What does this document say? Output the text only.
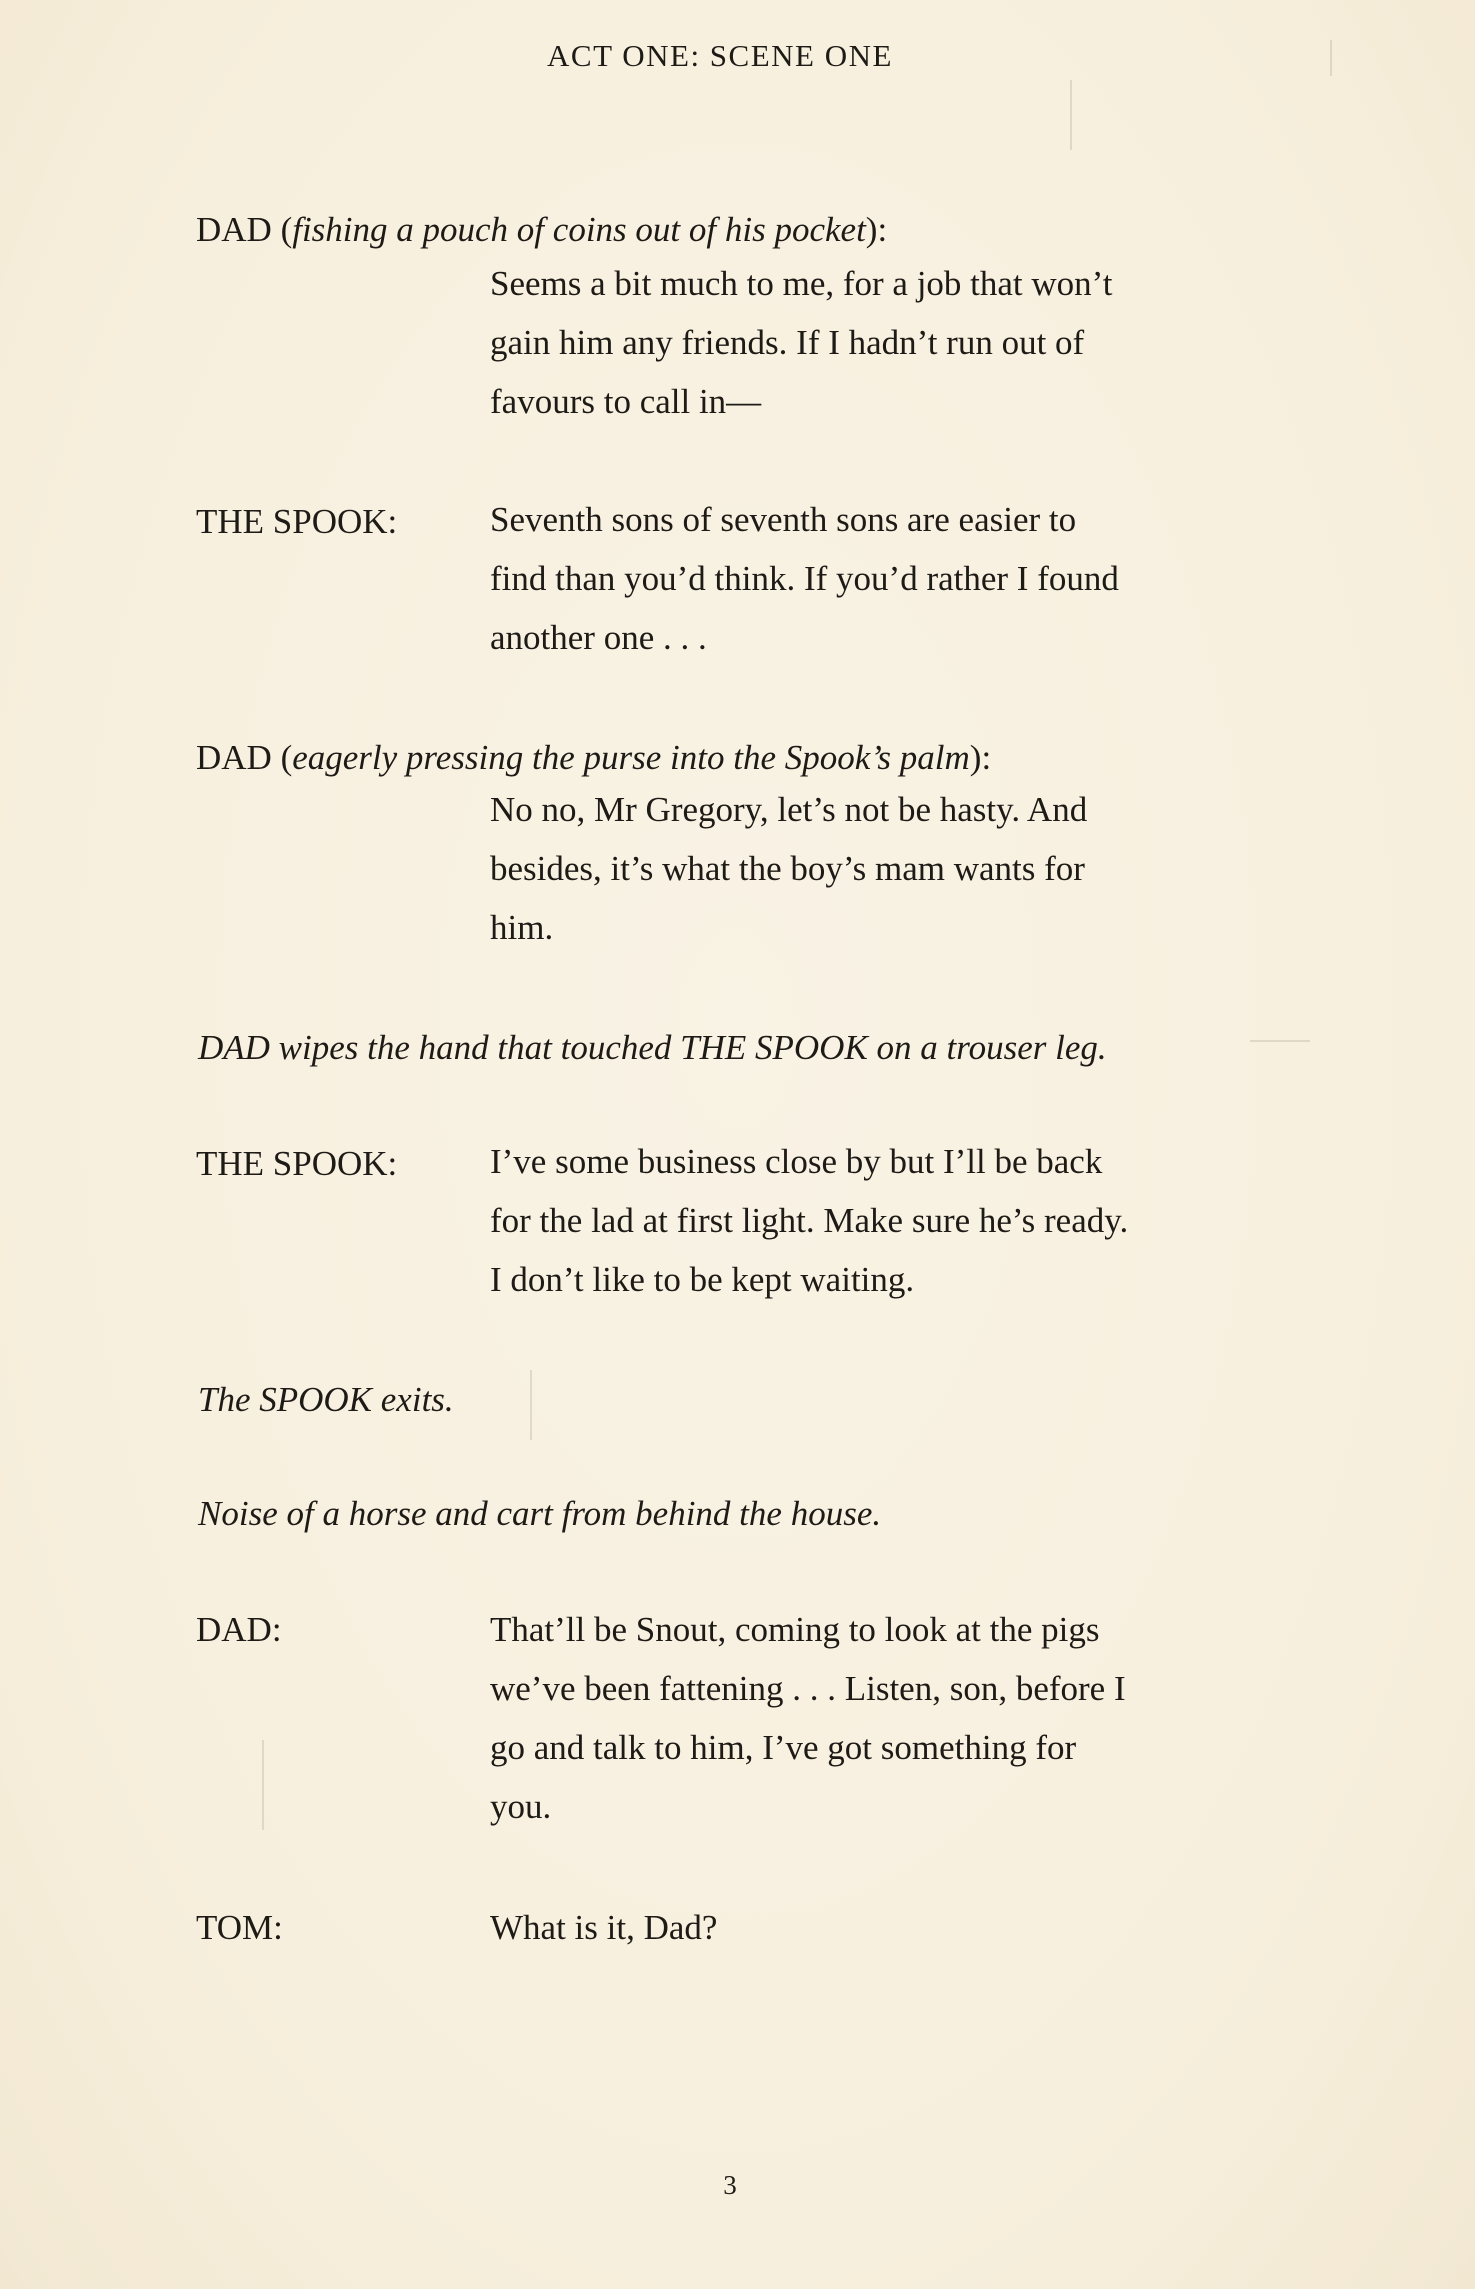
ACT ONE: SCENE ONE
DAD (fishing a pouch of coins out of his pocket):

Seems a bit much to me, for a job that won’t

gain him any friends. If I hadn’t run out of

favours to call in—

THE SPOOK:	Seventh sons of seventh sons are easier to

find than you’d think. If you’d rather I found

another one . . .

DAD (eagerly pressing the purse into the Spook’s palm):

No no, Mr Gregory, let’s not be hasty. And

besides, it’s what the boy’s mam wants for

him.

DAD wipes the hand that touched THE SPOOK on a trouser leg.
THE SPOOK:	I’ve some business close by but I’ll be back

for the lad at first light. Make sure he’s ready.

I don’t like to be kept waiting.

The SPOOK exits.
Noise of a horse and cart from behind the house.
DAD:	That’ll be Snout, coming to look at the pigs

we’ve been fattening . . . Listen, son, before I

go and talk to him, I’ve got something for

you.

TOM:	What is it, Dad?

3
